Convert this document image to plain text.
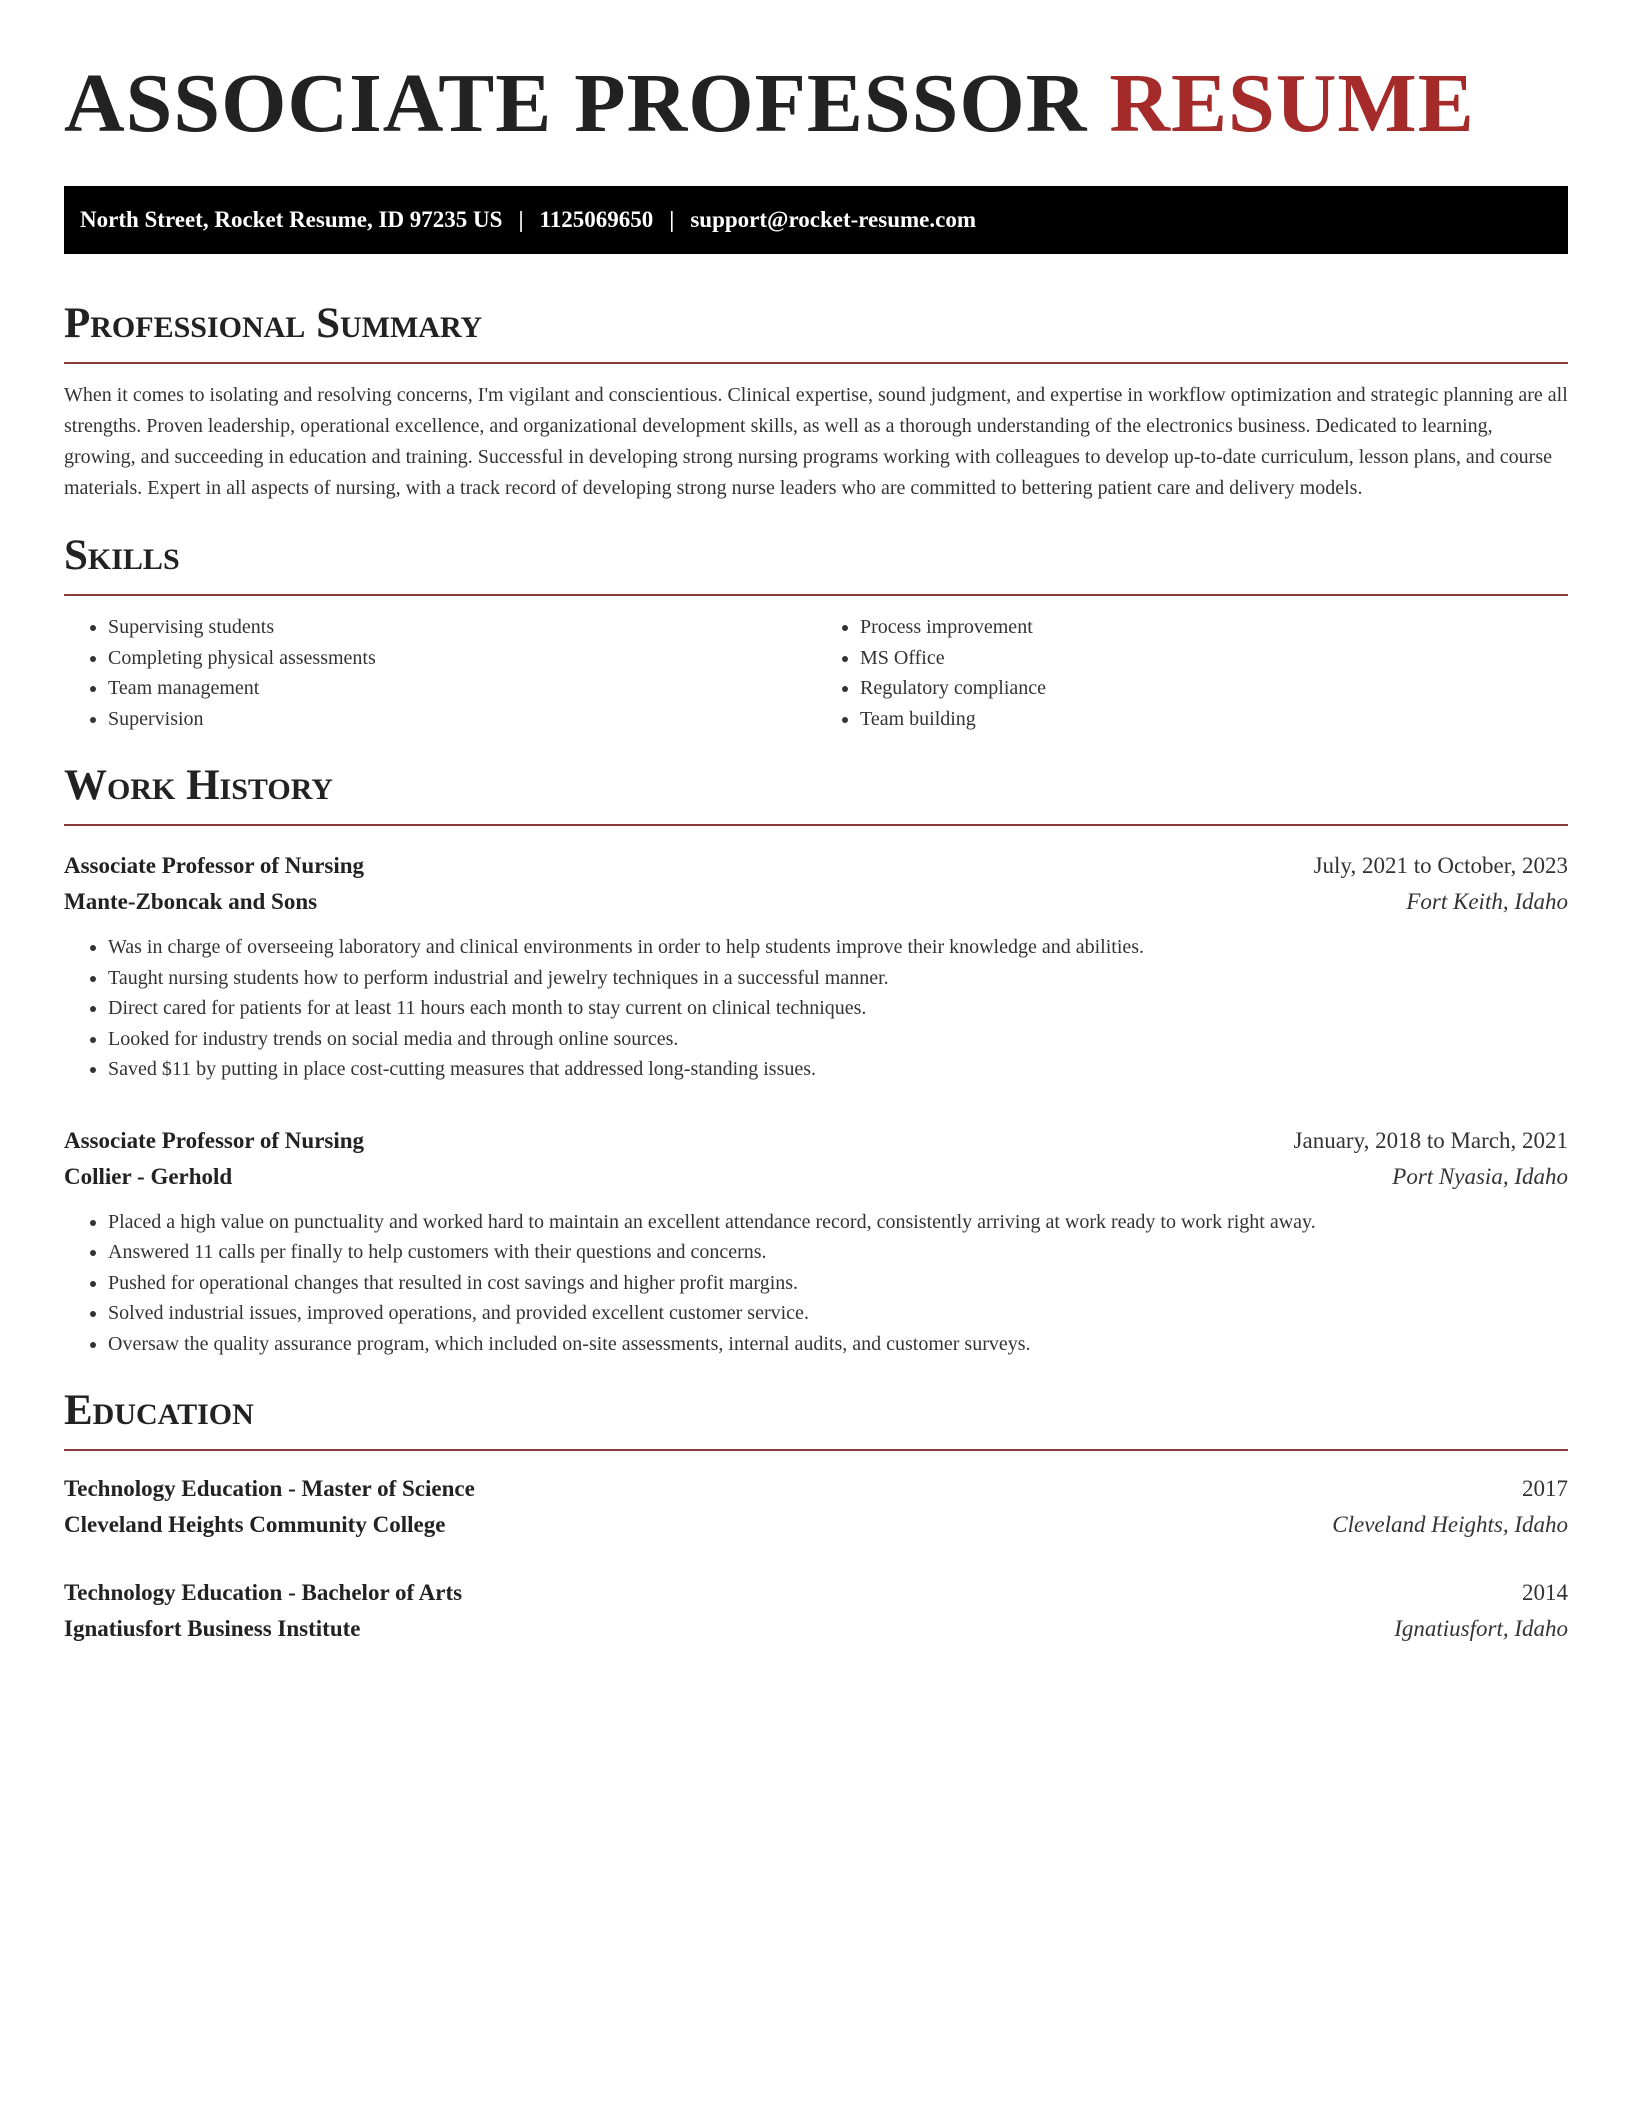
ASSOCIATE PROFESSOR RESUME
North Street, Rocket Resume, ID 97235 US | 1125069650 | support@rocket-resume.com
Professional Summary

When it comes to isolating and resolving concerns, I'm vigilant and conscientious. Clinical expertise, sound judgment, and expertise in workflow optimization and strategic planning are all strengths. Proven leadership, operational excellence, and organizational development skills, as well as a thorough understanding of the electronics business. Dedicated to learning, growing, and succeeding in education and training. Successful in developing strong nursing programs working with colleagues to develop up-to-date curriculum, lesson plans, and course materials. Expert in all aspects of nursing, with a track record of developing strong nurse leaders who are committed to bettering patient care and delivery models.

Skills
• Supervising students
• Completing physical assessments
• Team management
• Supervision
• Process improvement
• MS Office
• Regulatory compliance
• Team building
Work History
Associate Professor of Nursing	July, 2021 to October, 2023
Mante-Zboncak and Sons	Fort Keith, Idaho
• Was in charge of overseeing laboratory and clinical environments in order to help students improve their knowledge and abilities.
• Taught nursing students how to perform industrial and jewelry techniques in a successful manner.
• Direct cared for patients for at least 11 hours each month to stay current on clinical techniques.
• Looked for industry trends on social media and through online sources.
• Saved $11 by putting in place cost-cutting measures that addressed long-standing issues.
Associate Professor of Nursing	January, 2018 to March, 2021
Collier - Gerhold	Port Nyasia, Idaho
• Placed a high value on punctuality and worked hard to maintain an excellent attendance record, consistently arriving at work ready to work right away.
• Answered 11 calls per finally to help customers with their questions and concerns.
• Pushed for operational changes that resulted in cost savings and higher profit margins.
• Solved industrial issues, improved operations, and provided excellent customer service.
• Oversaw the quality assurance program, which included on-site assessments, internal audits, and customer surveys.
Education
Technology Education - Master of Science	2017
Cleveland Heights Community College	Cleveland Heights, Idaho
Technology Education - Bachelor of Arts	2014
Ignatiusfort Business Institute	Ignatiusfort, Idaho
